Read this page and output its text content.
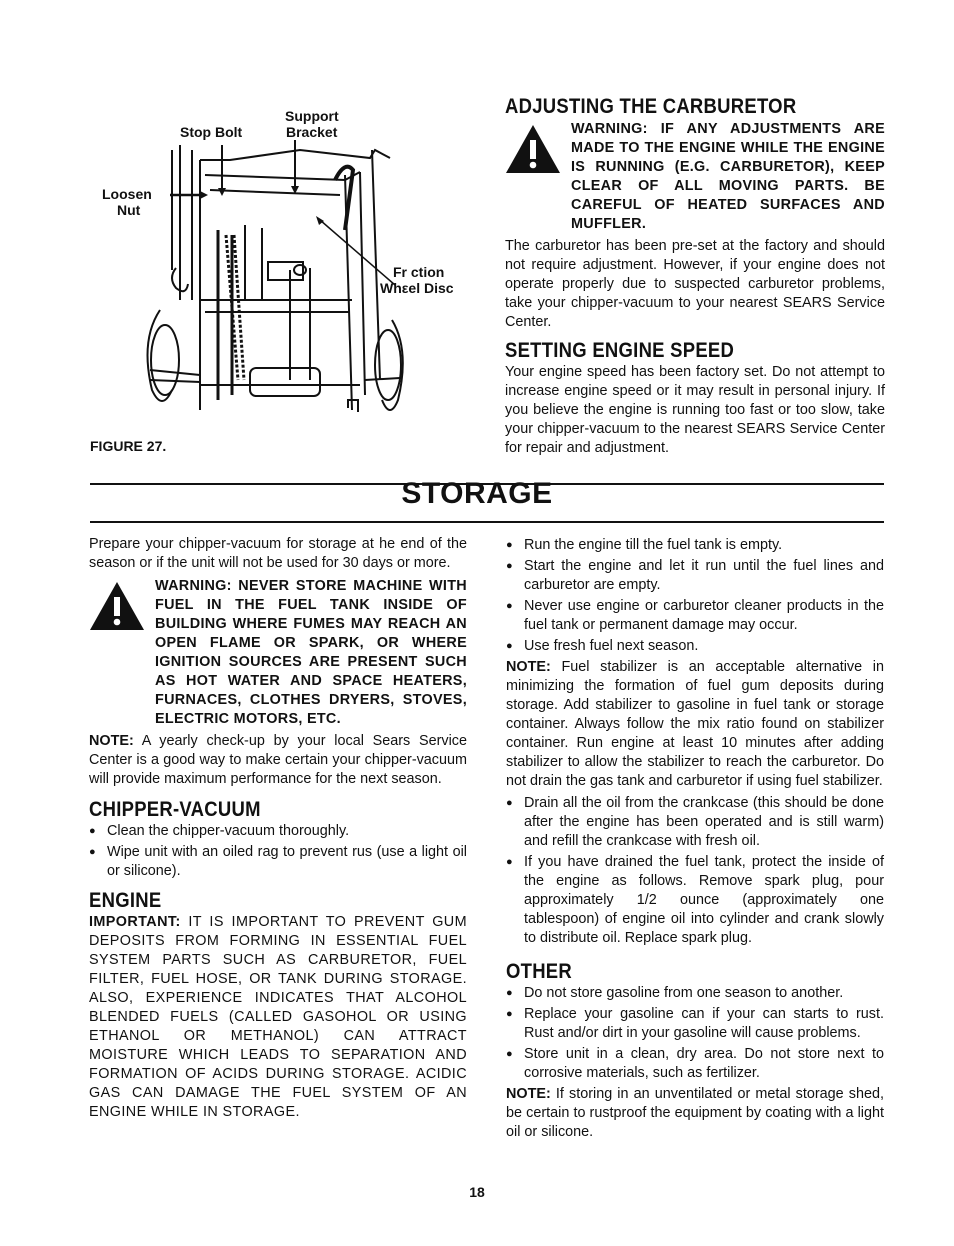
Support
Bracket
Stop Bolt
Loosen
Nut
Fr ction
Whεel Disc
FIGURE 27.
ADJUSTING THE CARBURETOR
WARNING: IF ANY ADJUSTMENTS ARE MADE TO THE ENGINE WHILE THE ENGINE IS RUNNING (E.G. CARBURETOR), KEEP CLEAR OF ALL MOVING PARTS. BE CAREFUL OF HEATED SURFACES AND MUFFLER.

The carburetor has been pre-set at the factory and should not require adjustment. However, if your engine does not operate properly due to suspected carburetor problems, take your chipper-vacuum to your nearest SEARS Service Center.

SETTING ENGINE SPEED

Your engine speed has been factory set. Do not attempt to increase engine speed or it may result in personal injury. If you believe the engine is running too fast or too slow, take your chipper-vacuum to the nearest SEARS Service Center for repair and adjustment.

STORAGE

Prepare your chipper-vacuum for storage at he end of the season or if the unit will not be used for 30 days or more.

WARNING: NEVER STORE MACHINE WITH FUEL IN THE FUEL TANK INSIDE OF BUILDING WHERE FUMES MAY REACH AN OPEN FLAME OR SPARK, OR WHERE IGNITION SOURCES ARE PRESENT SUCH AS HOT WATER AND SPACE HEATERS, FURNACES, CLOTHES DRYERS, STOVES, ELECTRIC MOTORS, ETC.

NOTE: A yearly check-up by your local Sears Service Center is a good way to make certain your chipper-vacuum will provide maximum performance for the next season.

CHIPPER-VACUUM
● Clean the chipper-vacuum thoroughly.
● Wipe unit with an oiled rag to prevent rus (use a light oil or silicone).
ENGINE

IMPORTANT: IT IS IMPORTANT TO PREVENT GUM DEPOSITS FROM FORMING IN ESSENTIAL FUEL SYSTEM PARTS SUCH AS CARBURETOR, FUEL FILTER, FUEL HOSE, OR TANK DURING STORAGE. ALSO, EXPERIENCE INDICATES THAT ALCOHOL BLENDED FUELS (CALLED GASOHOL OR USING ETHANOL OR METHANOL) CAN ATTRACT MOISTURE WHICH LEADS TO SEPARATION AND FORMATION OF ACIDS DURING STORAGE. ACIDIC GAS CAN DAMAGE THE FUEL SYSTEM OF AN ENGINE WHILE IN STORAGE.

● Run the engine till the fuel tank is empty.
● Start the engine and let it run until the fuel lines and carburetor are empty.
● Never use engine or carburetor cleaner products in the fuel tank or permanent damage may occur.
● Use fresh fuel next season.

NOTE: Fuel stabilizer is an acceptable alternative in minimizing the formation of fuel gum deposits during storage. Add stabilizer to gasoline in fuel tank or storage container. Always follow the mix ratio found on stabilizer container. Run engine at least 10 minutes after adding stabilizer to allow the stabilizer to reach the carburetor. Do not drain the gas tank and carburetor if using fuel stabilizer.

● Drain all the oil from the crankcase (this should be done after the engine has been operated and is still warm) and refill the crankcase with fresh oil.
● If you have drained the fuel tank, protect the inside of the engine as follows. Remove spark plug, pour approximately 1/2 ounce (approximately one tablespoon) of engine oil into cylinder and crank slowly to distribute oil. Replace spark plug.
OTHER
● Do not store gasoline from one season to another.
● Replace your gasoline can if your can starts to rust. Rust and/or dirt in your gasoline will cause problems.
● Store unit in a clean, dry area. Do not store next to corrosive materials, such as fertilizer.

NOTE: If storing in an unventilated or metal storage shed, be certain to rustproof the equipment by coating with a light oil or silicone.

18
